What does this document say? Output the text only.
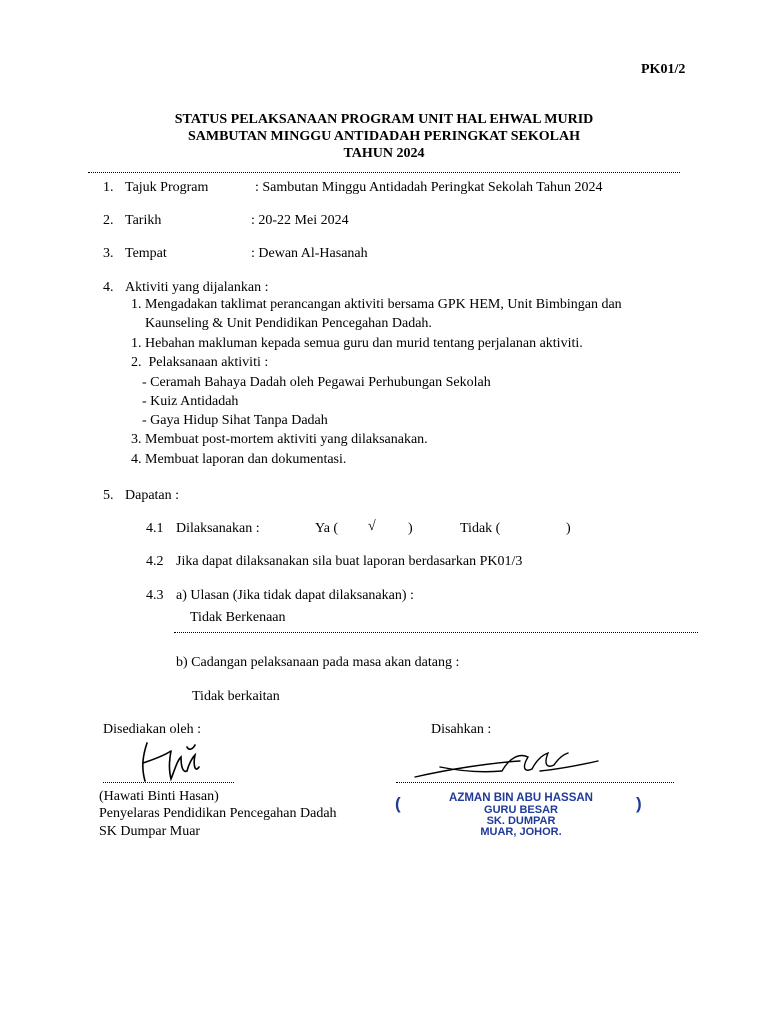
PK01/2
STATUS PELAKSANAAN PROGRAM UNIT HAL EHWAL MURID
SAMBUTAN MINGGU ANTIDADAH PERINGKAT SEKOLAH
TAHUN 2024
1. Tajuk Program	: Sambutan Minggu Antidadah Peringkat Sekolah Tahun 2024
2. Tarikh	: 20-22 Mei 2024
3. Tempat	: Dewan Al-Hasanah
4. Aktiviti yang dijalankan :
1. Mengadakan taklimat perancangan aktiviti bersama GPK HEM, Unit Bimbingan dan
Kaunseling & Unit Pendidikan Pencegahan Dadah.
1. Hebahan makluman kepada semua guru dan murid tentang perjalanan aktiviti.
2.  Pelaksanaan aktiviti :
- Ceramah Bahaya Dadah oleh Pegawai Perhubungan Sekolah
- Kuiz Antidadah
- Gaya Hidup Sihat Tanpa Dadah
3. Membuat post-mortem aktiviti yang dilaksanakan.
4. Membuat laporan dan dokumentasi.
5. Dapatan :
4.1 Dilaksanakan :	Ya ( √ )	Tidak (	)
4.2 Jika dapat dilaksanakan sila buat laporan berdasarkan PK01/3
4.3 a) Ulasan (Jika tidak dapat dilaksanakan) :
Tidak Berkenaan
b) Cadangan pelaksanaan pada masa akan datang :
Tidak berkaitan
Disediakan oleh :	Disahkan :
(Hawati Binti Hasan)
Penyelaras Pendidikan Pencegahan Dadah
SK Dumpar Muar
(	)
AZMAN BIN ABU HASSAN
GURU BESAR
SK. DUMPAR
MUAR, JOHOR.
